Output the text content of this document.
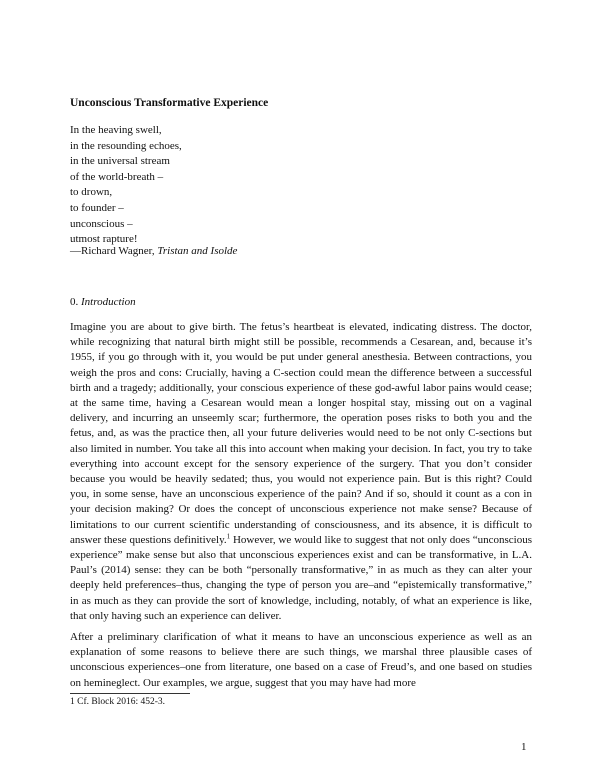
Unconscious Transformative Experience
In the heaving swell,
in the resounding echoes,
in the universal stream
of the world-breath –
to drown,
to founder –
unconscious –
utmost rapture!
—Richard Wagner, Tristan and Isolde
0. Introduction
Imagine you are about to give birth. The fetus’s heartbeat is elevated, indicating distress. The doctor, while recognizing that natural birth might still be possible, recommends a Cesarean, and, because it’s 1955, if you go through with it, you would be put under general anesthesia. Between contractions, you weigh the pros and cons: Crucially, having a C-section could mean the difference between a successful birth and a tragedy; additionally, your conscious experience of these god-awful labor pains would cease; at the same time, having a Cesarean would mean a longer hospital stay, missing out on a vaginal delivery, and incurring an unseemly scar; furthermore, the operation poses risks to both you and the fetus, and, as was the practice then, all your future deliveries would need to be not only C-sections but also limited in number. You take all this into account when making your decision. In fact, you try to take everything into account except for the sensory experience of the surgery. That you don’t consider because you would be heavily sedated; thus, you would not experience pain. But is this right? Could you, in some sense, have an unconscious experience of the pain? And if so, should it count as a con in your decision making? Or does the concept of unconscious experience not make sense? Because of limitations to our current scientific understanding of consciousness, and its absence, it is difficult to answer these questions definitively.$^1$ However, we would like to suggest that not only does “unconscious experience” make sense but also that unconscious experiences exist and can be transformative, in L.A. Paul’s (2014) sense: they can be both “personally transformative,” in as much as they can alter your deeply held preferences–thus, changing the type of person you are–and “epistemically transformative,” in as much as they can provide the sort of knowledge, including, notably, of what an experience is like, that only having such an experience can deliver.
After a preliminary clarification of what it means to have an unconscious experience as well as an explanation of some reasons to believe there are such things, we marshal three plausible cases of unconscious experiences–one from literature, one based on a case of Freud’s, and one based on studies on hemineglect. Our examples, we argue, suggest that you may have had more
1 Cf. Block 2016: 452-3.
1
